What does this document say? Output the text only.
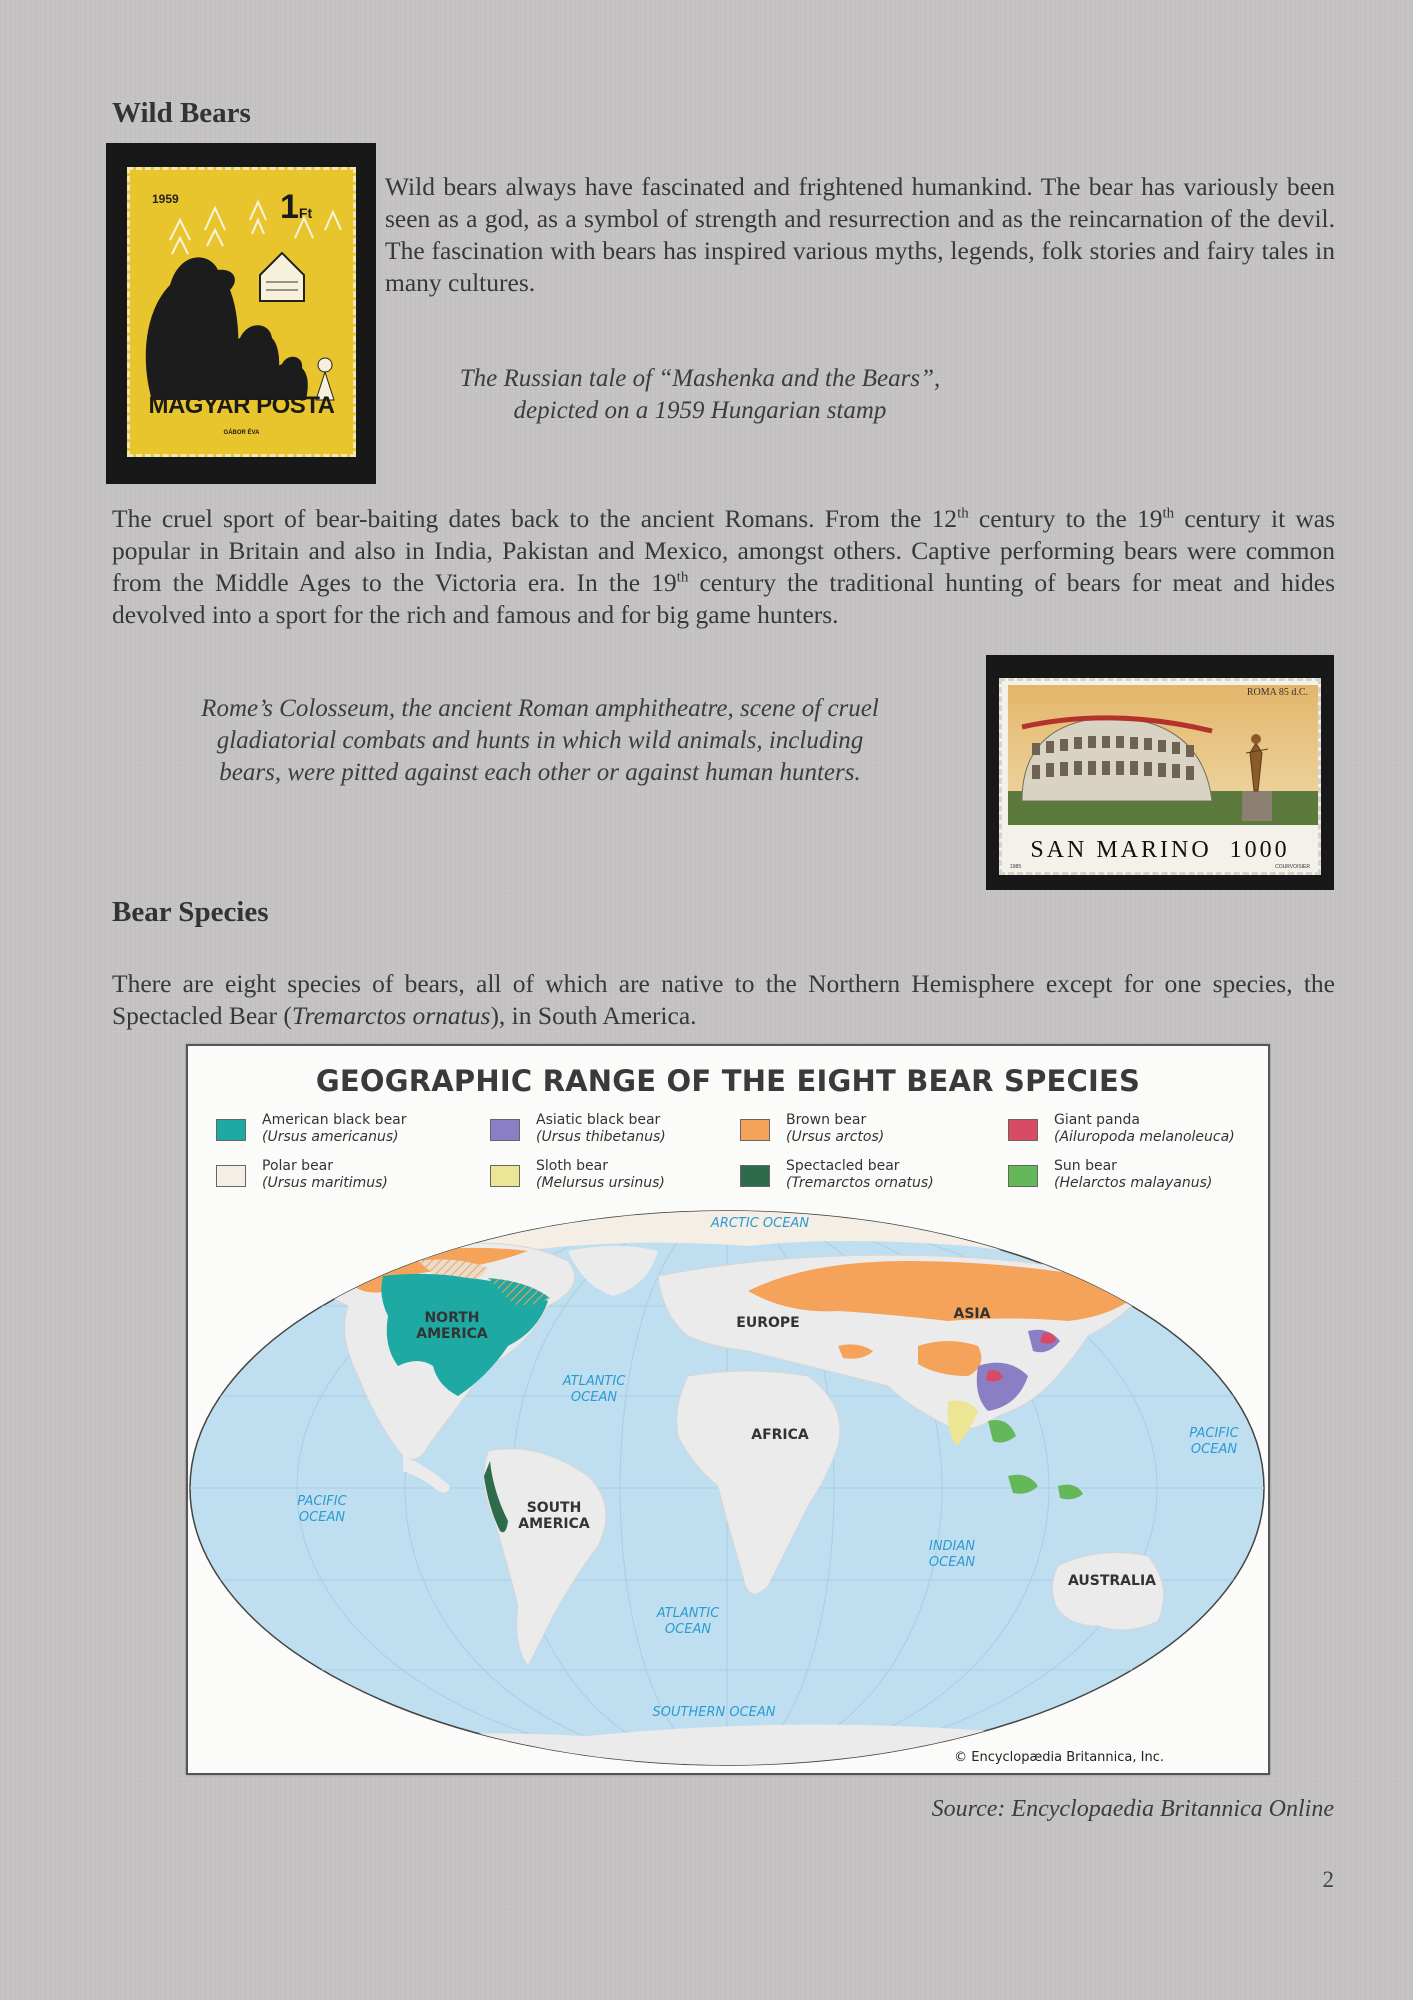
Wild Bears
1959	1Ft
MAGYAR POSTA
GÁBOR ÉVA
Wild bears always have fascinated and frightened humankind. The bear has variously been seen as a god, as a symbol of strength and resurrection and as the reincarnation of the devil. The fascination with bears has inspired various myths, legends, folk stories and fairy tales in many cultures.
The Russian tale of “Mashenka and the Bears”,
depicted on a 1959 Hungarian stamp
The cruel sport of bear-baiting dates back to the ancient Romans. From the 12th century to the 19th century it was popular in Britain and also in India, Pakistan and Mexico, amongst others. Captive performing bears were common from the Middle Ages to the Victoria era. In the 19th century the traditional hunting of bears for meat and hides devolved into a sport for the rich and famous and for big game hunters.
Rome’s Colosseum, the ancient Roman amphitheatre, scene of cruel
gladiatorial combats and hunts in which wild animals, including
bears, were pitted against each other or against human hunters.
ROMA 85 d.C.
SAN MARINO 1000
1985	COURVOISIER
Bear Species
There are eight species of bears, all of which are native to the Northern Hemisphere except for one species, the Spectacled Bear (Tremarctos ornatus), in South America.
GEOGRAPHIC RANGE OF THE EIGHT BEAR SPECIES
American black bear
(Ursus americanus)
Asiatic black bear
(Ursus thibetanus)
Brown bear
(Ursus arctos)
Giant panda
(Ailuropoda melanoleuca)
Polar bear
(Ursus maritimus)
Sloth bear
(Melursus ursinus)
Spectacled bear
(Tremarctos ornatus)
Sun bear
(Helarctos malayanus)
NORTH
AMERICA
EUROPE
ASIA
AFRICA
SOUTH
AMERICA
AUSTRALIA
ARCTIC OCEAN
ATLANTIC
OCEAN
ATLANTIC
OCEAN
PACIFIC
OCEAN
PACIFIC
OCEAN
INDIAN
OCEAN
SOUTHERN OCEAN
© Encyclopædia Britannica, Inc.
Source: Encyclopaedia Britannica Online
2
